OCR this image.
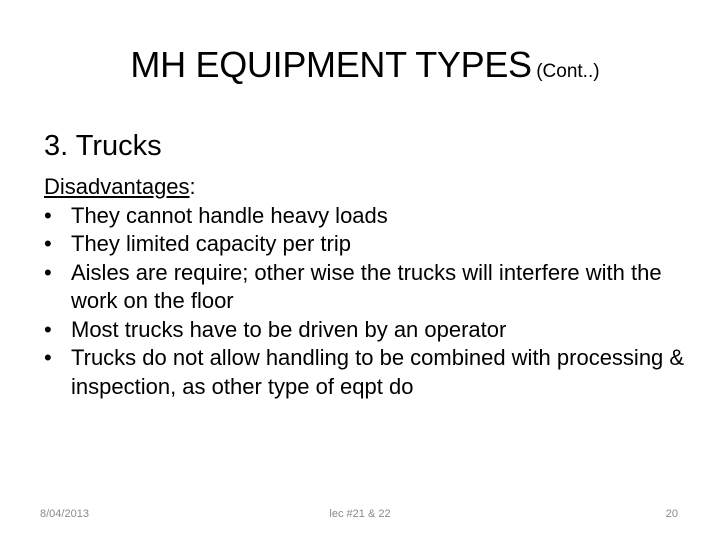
MH EQUIPMENT TYPES (Cont..)
3. Trucks
Disadvantages:
• They cannot handle heavy loads
• They limited capacity per trip
• Aisles are require; other wise the trucks will interfere with the work on the floor
• Most trucks have to be driven by an operator
• Trucks do not allow handling to be combined with processing & inspection, as other type of eqpt do
8/04/2013	lec #21 & 22	20
